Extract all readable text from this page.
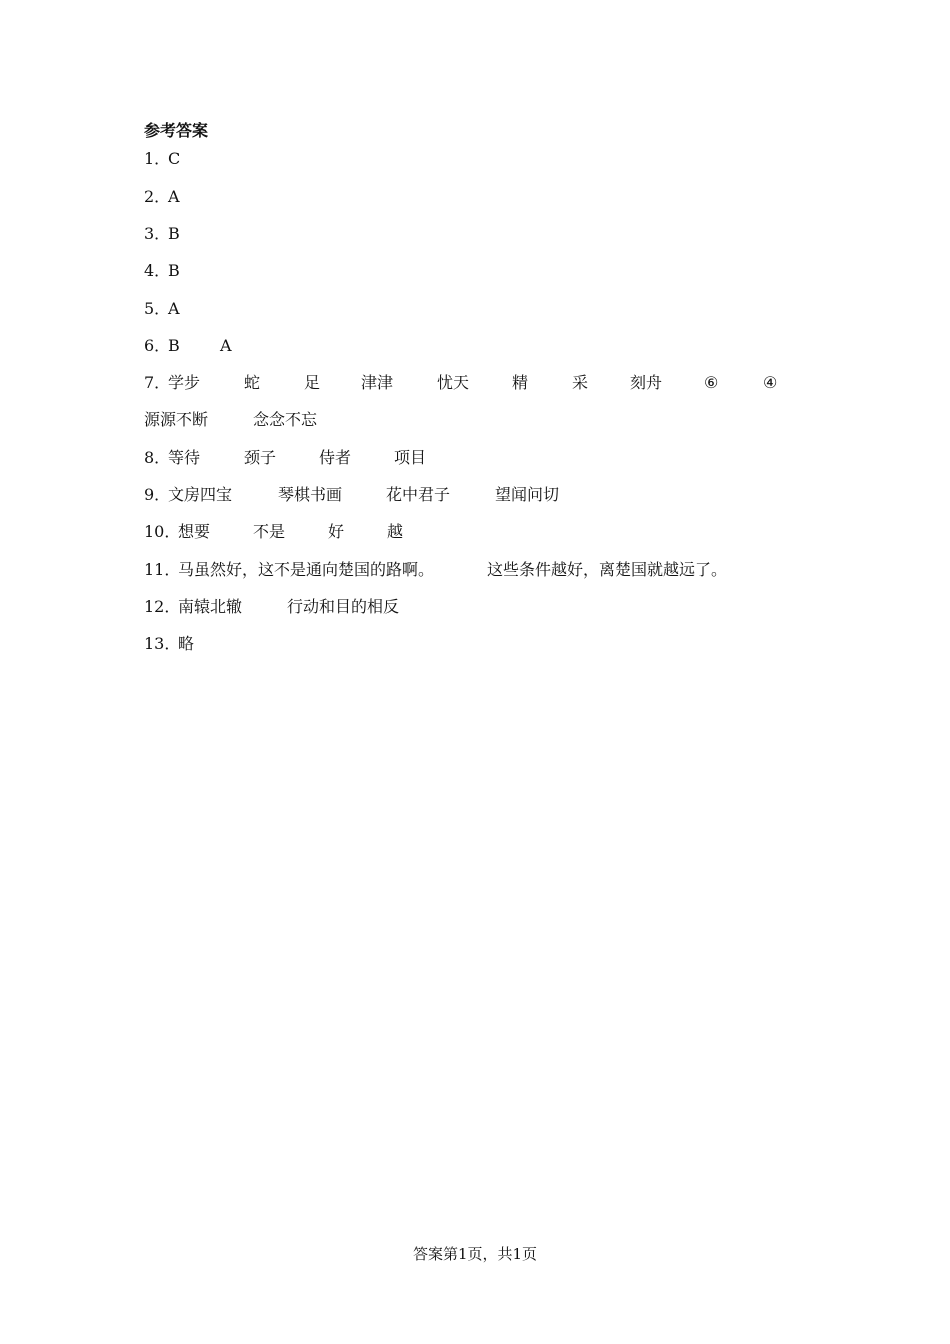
参考答案
1．
C
2．
A
3．
B
4．
B
5．
A
6．
B	A
7．
学步	蛇	足	津津	忧天	精	采	刻舟	⑥	④
源源不断	念念不忘
8．
等待	颈子	侍者	项目
9．
文房四宝	琴棋书画	花中君子	望闻问切
10．
想要	不是	好	越
11．
马虽然好，这不是通向楚国的路啊。	这些条件越好，离楚国就越远了。
12．
南辕北辙	行动和目的相反
13．
略
答案第1页，共1页
